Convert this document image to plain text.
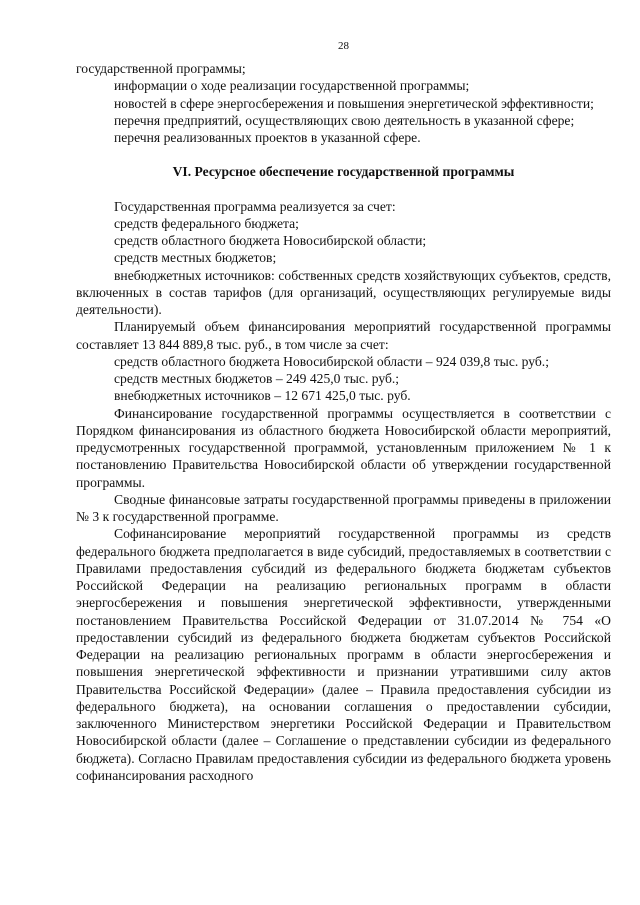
28

государственной программы;

информации о ходе реализации государственной программы;

новостей в сфере энергосбережения и повышения энергетической эффективности;

перечня предприятий, осуществляющих свою деятельность в указанной сфере;

перечня реализованных проектов в указанной сфере.

VI. Ресурсное обеспечение государственной программы

Государственная программа реализуется за счет:

средств федерального бюджета;

средств областного бюджета Новосибирской области;

средств местных бюджетов;

внебюджетных источников: собственных средств хозяйствующих субъектов, средств, включенных в состав тарифов (для организаций, осуществляющих регулируемые виды деятельности).

Планируемый объем финансирования мероприятий государственной программы составляет 13 844 889,8 тыс. руб., в том числе за счет:

средств областного бюджета Новосибирской области – 924 039,8 тыс. руб.;

средств местных бюджетов – 249 425,0 тыс. руб.;

внебюджетных источников – 12 671 425,0 тыс. руб.

Финансирование государственной программы осуществляется в соответствии с Порядком финансирования из областного бюджета Новосибирской области мероприятий, предусмотренных государственной программой, установленным приложением № 1 к постановлению Правительства Новосибирской области об утверждении государственной программы.

Сводные финансовые затраты государственной программы приведены в приложении № 3 к государственной программе.

Софинансирование мероприятий государственной программы из средств федерального бюджета предполагается в виде субсидий, предоставляемых в соответствии с Правилами предоставления субсидий из федерального бюджета бюджетам субъектов Российской Федерации на реализацию региональных программ в области энергосбережения и повышения энергетической эффективности, утвержденными постановлением Правительства Российской Федерации от 31.07.2014 № 754 «О предоставлении субсидий из федерального бюджета бюджетам субъектов Российской Федерации на реализацию региональных программ в области энергосбережения и повышения энергетической эффективности и признании утратившими силу актов Правительства Российской Федерации» (далее – Правила предоставления субсидии из федерального бюджета), на основании соглашения о предоставлении субсидии, заключенного Министерством энергетики Российской Федерации и Правительством Новосибирской области (далее – Соглашение о представлении субсидии из федерального бюджета). Согласно Правилам предоставления субсидии из федерального бюджета уровень софинансирования расходного
